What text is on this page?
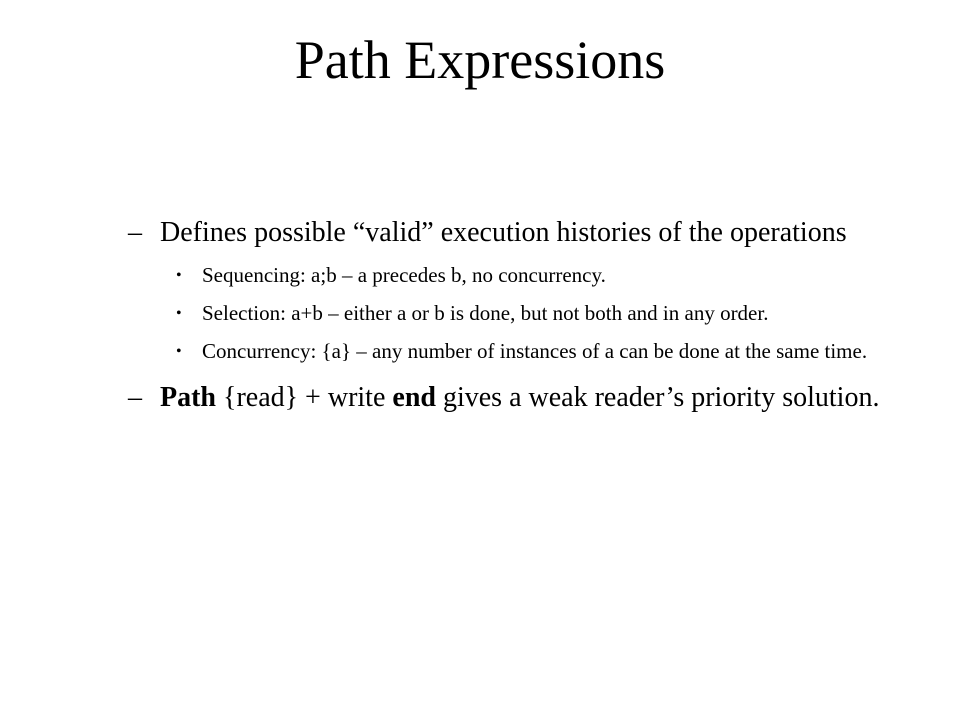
Path Expressions
– Defines possible “valid” execution histories of the operations
• Sequencing: a;b – a precedes b, no concurrency.
• Selection: a+b – either a or b is done, but not both and in any order.
• Concurrency: {a} – any number of instances of a can be done at the same time.
– Path {read} + write end gives a weak reader’s priority solution.
